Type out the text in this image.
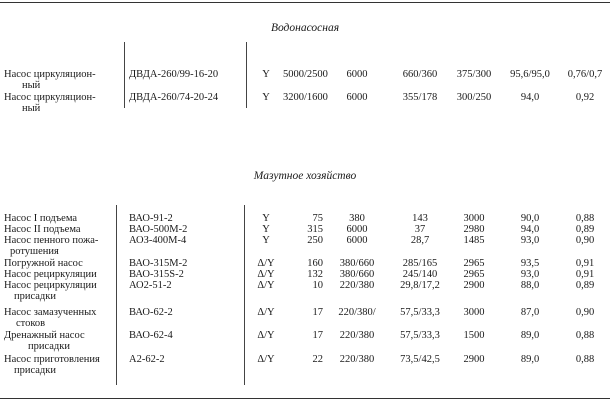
Водонасосная
Насос циркуляцион-	ДВДА-260/99-16-20	Y	5000/2500	6000	660/360	375/300	95,6/95,0	0,76/0,7
ный
Насос циркуляцион-	ДВДА-260/74-20-24	Y	3200/1600	6000	355/178	300/250	94,0	0,92
ный
Мазутное хозяйство
Насос I подъема	ВАО-91-2	Y	75	380	143	3000	90,0	0,88
Насос II подъема	ВАО-500М-2	Y	315	6000	37	2980	94,0	0,89
Насос пенного пожа-	АОЗ-400М-4	Y	250	6000	28,7	1485	93,0	0,90
ротушения
Погружной насос	ВАО-315М-2	Δ/Y	160	380/660	285/165	2965	93,5	0,91
Насос рециркуляции	ВАО-315S-2	Δ/Y	132	380/660	245/140	2965	93,0	0,91
Насос рециркуляции	АО2-51-2	Δ/Y	10	220/380	29,8/17,2	2900	88,0	0,89
присадки
Насос замазученных	ВАО-62-2	Δ/Y	17	220/380/	57,5/33,3	3000	87,0	0,90
стоков
Дренажный насос	ВАО-62-4	Δ/Y	17	220/380	57,5/33,3	1500	89,0	0,88
присадки
Насос приготовления	А2-62-2	Δ/Y	22	220/380	73,5/42,5	2900	89,0	0,88
присадки
